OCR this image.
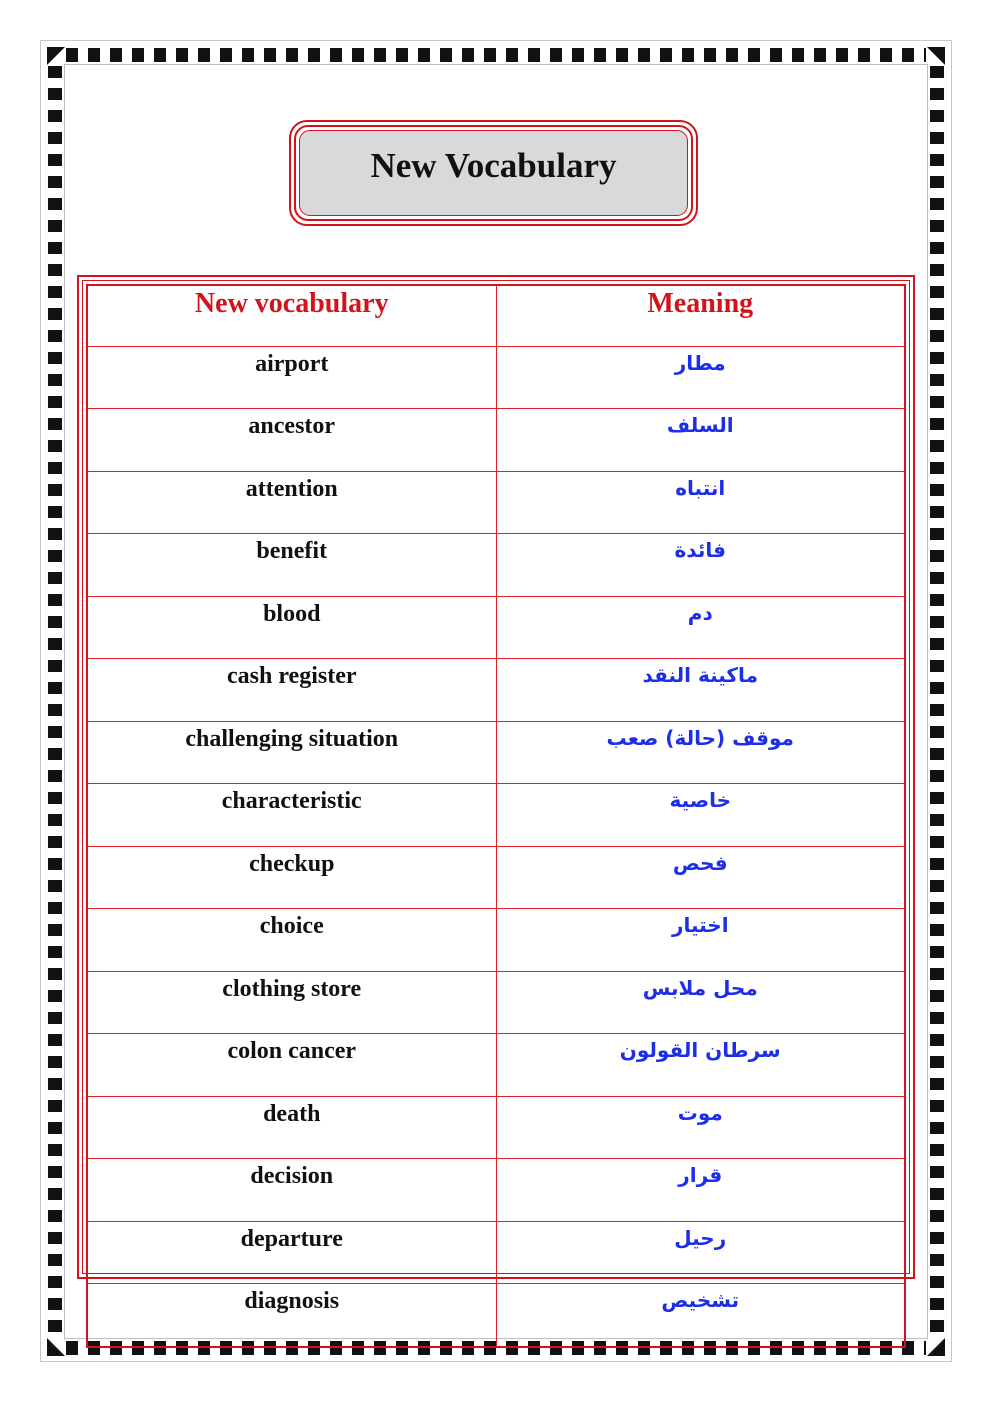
New Vocabulary
New vocabulary	Meaning
airport	مطار
ancestor	السلف
attention	انتباه
benefit	فائدة
blood	دم
cash register	ماكينة النقد
challenging situation	موقف (حالة) صعب
characteristic	خاصية
checkup	فحص
choice	اختيار
clothing store	محل ملابس
colon cancer	سرطان القولون
death	موت
decision	قرار
departure	رحيل
diagnosis	تشخيص
